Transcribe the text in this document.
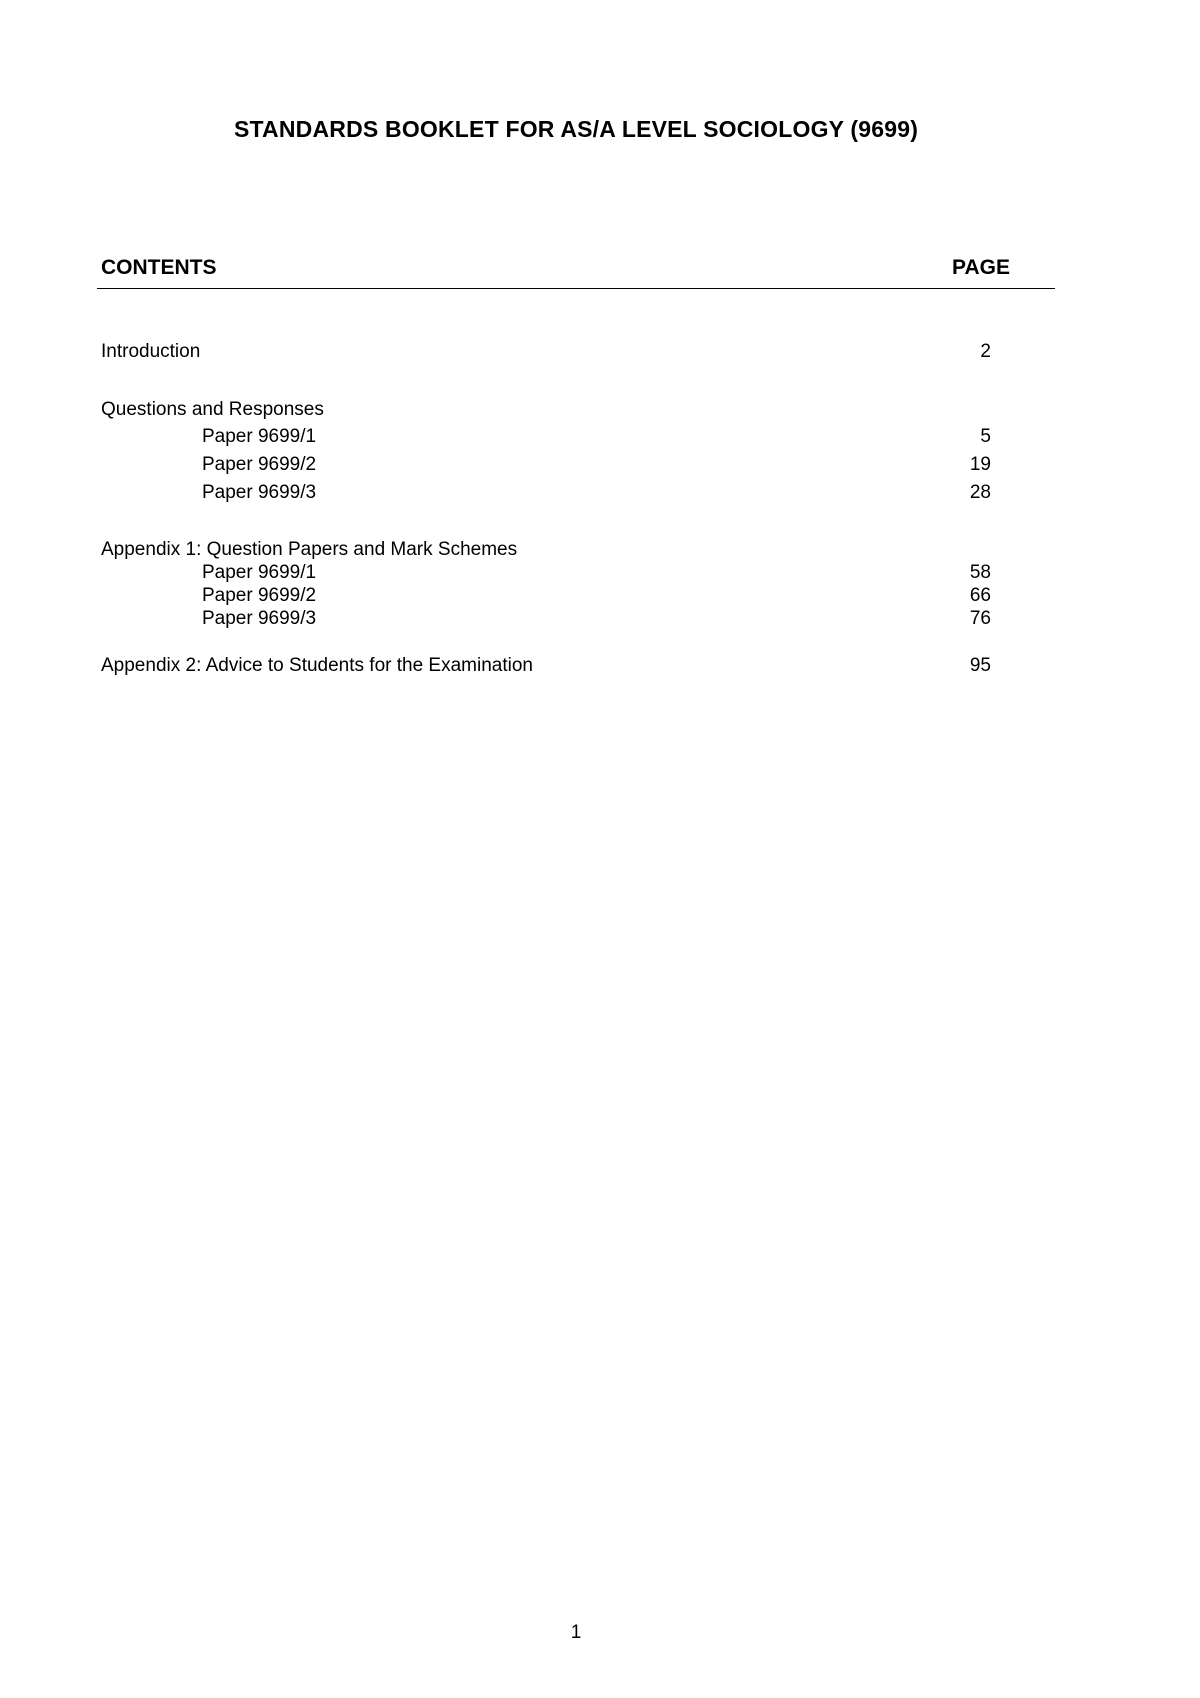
STANDARDS BOOKLET FOR AS/A LEVEL SOCIOLOGY (9699)
CONTENTS	PAGE
Introduction	2
Questions and Responses
Paper 9699/1	5
Paper 9699/2	19
Paper 9699/3	28
Appendix 1: Question Papers and Mark Schemes
Paper 9699/1	58
Paper 9699/2	66
Paper 9699/3	76
Appendix 2: Advice to Students for the Examination	95
1
